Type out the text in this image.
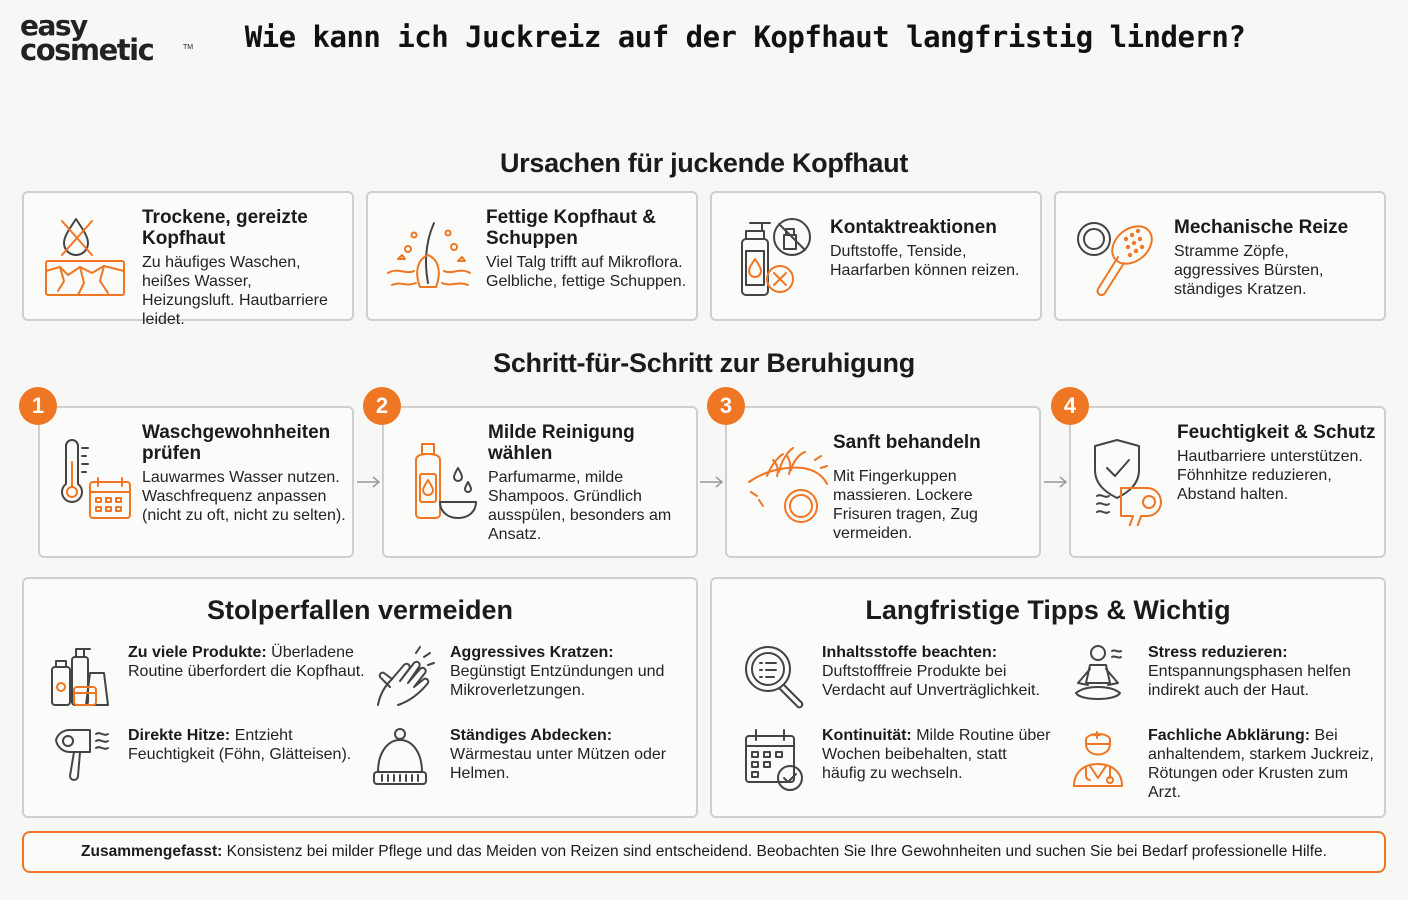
easy
cosmetic	TM	Wie kann ich Juckreiz auf der Kopfhaut langfristig lindern?
Ursachen für juckende Kopfhaut
Trockene, gereizte Kopfhaut
Zu häufiges Waschen, heißes Wasser, Heizungsluft. Hautbarriere leidet.
Fettige Kopfhaut & Schuppen
Viel Talg trifft auf Mikroflora. Gelbliche, fettige Schuppen.
Kontaktreaktionen
Duftstoffe, Tenside, Haarfarben können reizen.
Mechanische Reize
Stramme Zöpfe, aggressives Bürsten, ständiges Kratzen.
Schritt-für-Schritt zur Beruhigung
Waschgewohnheiten prüfen
Lauwarmes Wasser nutzen. Waschfrequenz anpassen (nicht zu oft, nicht zu selten).
1
Milde Reinigung wählen
Parfumarme, milde Shampoos. Gründlich ausspülen, besonders am Ansatz.
2
Sanft behandeln
Mit Fingerkuppen massieren. Lockere Frisuren tragen, Zug vermeiden.
3
Feuchtigkeit & Schutz
Hautbarriere unterstützen. Föhnhitze reduzieren, Abstand halten.
4
Stolperfallen vermeiden
Zu viele Produkte: Überladene Routine überfordert die Kopfhaut.
Aggressives Kratzen: Begünstigt Entzündungen und Mikroverletzungen.
Direkte Hitze: Entzieht Feuchtigkeit (Föhn, Glätteisen).
Ständiges Abdecken: Wärmestau unter Mützen oder Helmen.
Langfristige Tipps & Wichtig
Inhaltsstoffe beachten: Duftstofffreie Produkte bei Verdacht auf Unverträglichkeit.
Stress reduzieren: Entspannungsphasen helfen indirekt auch der Haut.
Kontinuität: Milde Routine über Wochen beibehalten, statt häufig zu wechseln.
Fachliche Abklärung: Bei anhaltendem, starkem Juckreiz, Rötungen oder Krusten zum Arzt.
Zusammengefasst: Konsistenz bei milder Pflege und das Meiden von Reizen sind entscheidend. Beobachten Sie Ihre Gewohnheiten und suchen Sie bei Bedarf professionelle Hilfe.
